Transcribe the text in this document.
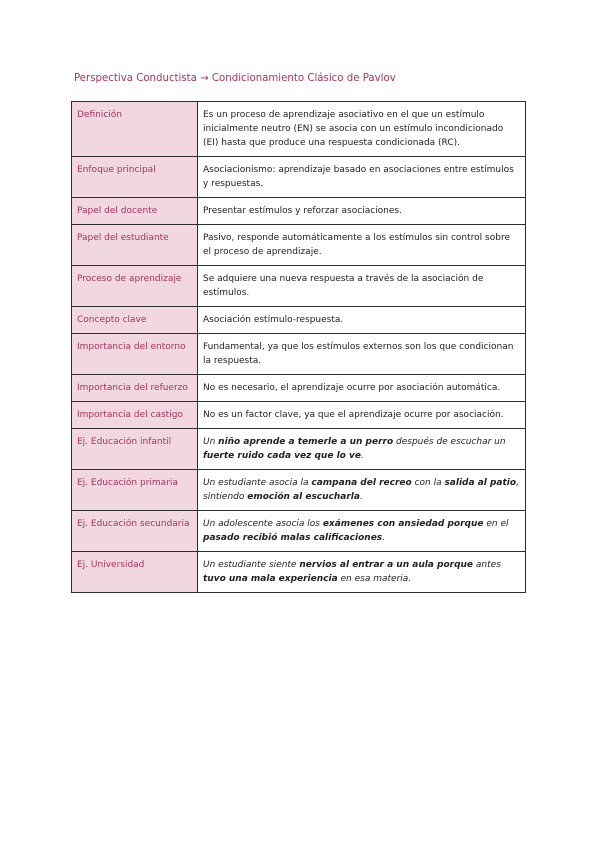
Perspectiva Conductista → Condicionamiento Clásico de Pavlov
Definición	Es un proceso de aprendizaje asociativo en el que un estímulo inicialmente neutro (EN) se asocia con un estímulo incondicionado (EI) hasta que produce una respuesta condicionada (RC).
Enfoque principal	Asociacionismo: aprendizaje basado en asociaciones entre estímulos y respuestas.
Papel del docente	Presentar estímulos y reforzar asociaciones.
Papel del estudiante	Pasivo, responde automáticamente a los estímulos sin control sobre el proceso de aprendizaje.
Proceso de aprendizaje	Se adquiere una nueva respuesta a través de la asociación de estímulos.
Concepto clave	Asociación estímulo-respuesta.
Importancia del entorno	Fundamental, ya que los estímulos externos son los que condicionan la respuesta.
Importancia del refuerzo	No es necesario, el aprendizaje ocurre por asociación automática.
Importancia del castigo	No es un factor clave, ya que el aprendizaje ocurre por asociación.
Ej. Educación infantil	Un niño aprende a temerle a un perro después de escuchar un fuerte ruido cada vez que lo ve.
Ej. Educación primaria	Un estudiante asocia la campana del recreo con la salida al patio, sintiendo emoción al escucharla.
Ej. Educación secundaria	Un adolescente asocia los exámenes con ansiedad porque en el pasado recibió malas calificaciones.
Ej. Universidad	Un estudiante siente nervios al entrar a un aula porque antes tuvo una mala experiencia en esa materia.
